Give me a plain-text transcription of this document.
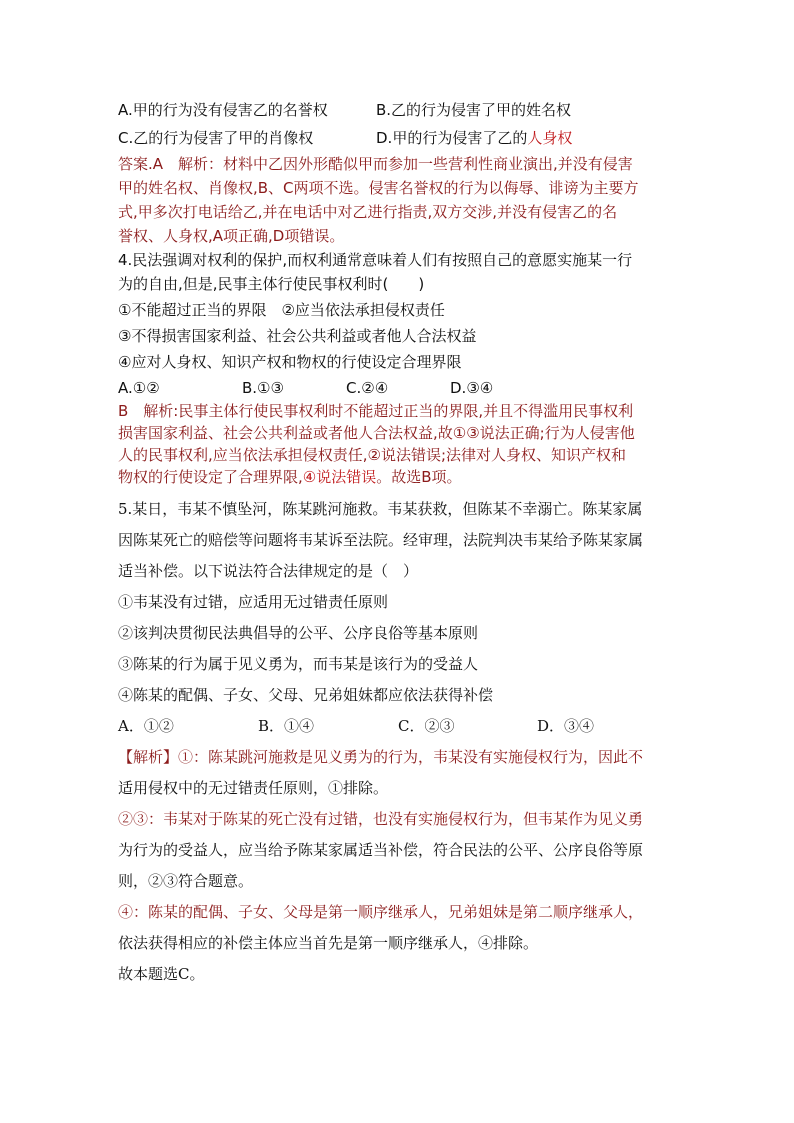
A.甲的行为没有侵害乙的名誉权	B.乙的行为侵害了甲的姓名权
C.乙的行为侵害了甲的肖像权	D.甲的行为侵害了乙的人身权
答案.A　解析：材料中乙因外形酷似甲而参加一些营利性商业演出,并没有侵害
甲的姓名权、肖像权,B、C两项不选。侵害名誉权的行为以侮辱、诽谤为主要方
式,甲多次打电话给乙,并在电话中对乙进行指责,双方交涉,并没有侵害乙的名
誉权、人身权,A项正确,D项错误。
4.民法强调对权利的保护,而权利通常意味着人们有按照自己的意愿实施某一行
为的自由,但是,民事主体行使民事权利时(　　)
①不能超过正当的界限　②应当依法承担侵权责任
③不得损害国家利益、社会公共利益或者他人合法权益
④应对人身权、知识产权和物权的行使设定合理界限
A.①②	B.①③	C.②④	D.③④
B　解析:民事主体行使民事权利时不能超过正当的界限,并且不得滥用民事权利
损害国家利益、社会公共利益或者他人合法权益,故①③说法正确;行为人侵害他
人的民事权利,应当依法承担侵权责任,②说法错误;法律对人身权、知识产权和
物权的行使设定了合理界限,④说法错误。故选B项。
5.某日，韦某不慎坠河，陈某跳河施救。韦某获救，但陈某不幸溺亡。陈某家属
因陈某死亡的赔偿等问题将韦某诉至法院。经审理，法院判决韦某给予陈某家属
适当补偿。以下说法符合法律规定的是（　）
①韦某没有过错，应适用无过错责任原则
②该判决贯彻民法典倡导的公平、公序良俗等基本原则
③陈某的行为属于见义勇为，而韦某是该行为的受益人
④陈某的配偶、子女、父母、兄弟姐妹都应依法获得补偿
A．①②	B．①④	C．②③	D．③④
【解析】①：陈某跳河施救是见义勇为的行为，韦某没有实施侵权行为，因此不
适用侵权中的无过错责任原则，①排除。
②③：韦某对于陈某的死亡没有过错，也没有实施侵权行为，但韦某作为见义勇
为行为的受益人，应当给予陈某家属适当补偿，符合民法的公平、公序良俗等原
则，②③符合题意。
④：陈某的配偶、子女、父母是第一顺序继承人，兄弟姐妹是第二顺序继承人，
依法获得相应的补偿主体应当首先是第一顺序继承人，④排除。
故本题选C。
